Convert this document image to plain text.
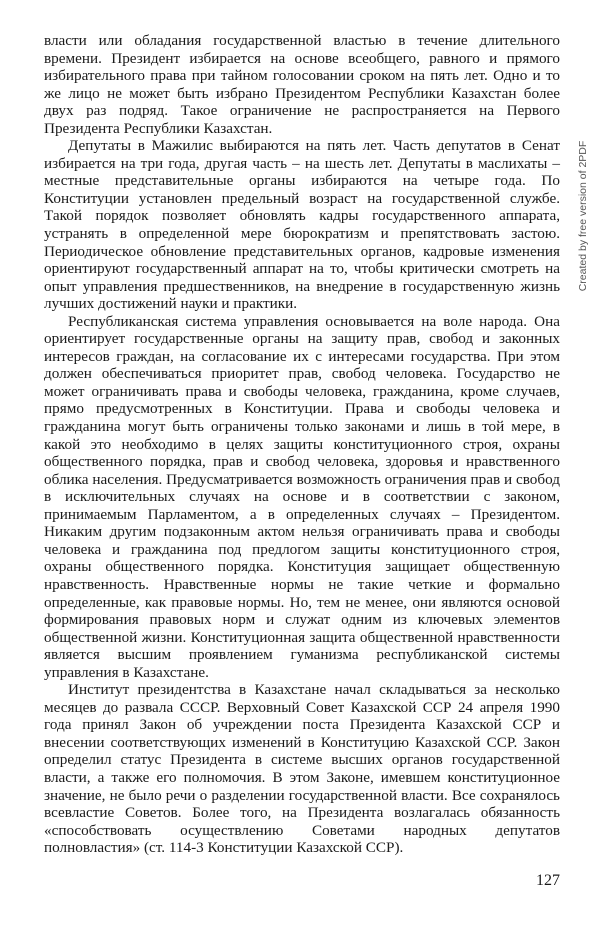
власти или обладания государственной властью в течение длительного времени. Президент избирается на основе всеобщего, равного и прямого избирательного права при тайном голосовании сроком на пять лет. Одно и то же лицо не может быть избрано Президентом Республики Казахстан более двух раз подряд. Такое ограничение не распространяется на Первого Президента Республики Казахстан.

Депутаты в Мажилис выбираются на пять лет. Часть депутатов в Сенат избирается на три года, другая часть – на шесть лет. Депутаты в маслихаты – местные представительные органы избираются на четыре года. По Конституции установлен предельный возраст на государственной службе. Такой порядок позволяет обновлять кадры государственного аппарата, устранять в определенной мере бюрократизм и препятствовать застою. Периодическое обновление представительных органов, кадровые изменения ориентируют государственный аппарат на то, чтобы критически смотреть на опыт управления предшественников, на внедрение в государственную жизнь лучших достижений науки и практики.

Республиканская система управления основывается на воле народа. Она ориентирует государственные органы на защиту прав, свобод и законных интересов граждан, на согласование их с интересами государства. При этом должен обеспечиваться приоритет прав, свобод человека. Государство не может ограничивать права и свободы человека, гражданина, кроме случаев, прямо предусмотренных в Конституции. Права и свободы человека и гражданина могут быть ограничены только законами и лишь в той мере, в какой это необходимо в целях защиты конституционного строя, охраны общественного порядка, прав и свобод человека, здоровья и нравственного облика населения. Предусматривается возможность ограничения прав и свобод в исключительных случаях на основе и в соответствии с законом, принимаемым Парламентом, а в определенных случаях – Президентом. Никаким другим подзаконным актом нельзя ограничивать права и свободы человека и гражданина под предлогом защиты конституционного строя, охраны общественного порядка. Конституция защищает общественную нравственность. Нравственные нормы не такие четкие и формально определенные, как правовые нормы. Но, тем не менее, они являются основой формирования правовых норм и служат одним из ключевых элементов общественной жизни. Конституционная защита общественной нравственности является высшим проявлением гуманизма республиканской системы управления в Казахстане.

Институт президентства в Казахстане начал складываться за несколько месяцев до развала СССР. Верховный Совет Казахской ССР 24 апреля 1990 года принял Закон об учреждении поста Президента Казахской ССР и внесении соответствующих изменений в Конституцию Казахской ССР. Закон определил статус Президента в системе высших органов государственной власти, а также его полномочия. В этом Законе, имевшем конституционное значение, не было речи о разделении государственной власти. Все сохранялось всевластие Советов. Более того, на Президента возлагалась обязанность «способствовать осуществлению Советами народных депутатов полновластия» (ст. 114-3 Конституции Казахской ССР).

127
Created by free version of 2PDF
